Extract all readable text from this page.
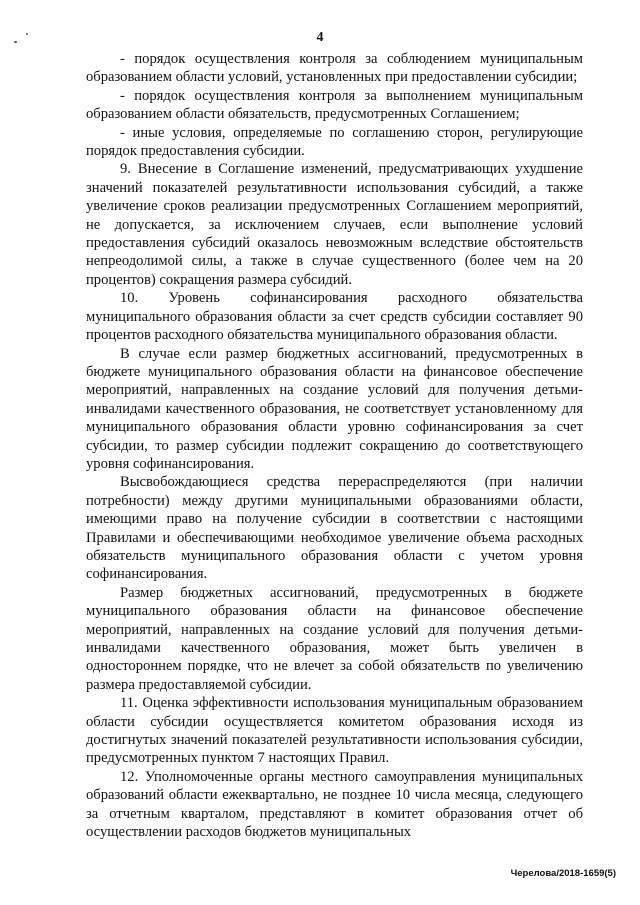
4

- порядок осуществления контроля за соблюдением муниципальным образованием области условий, установленных при предоставлении субсидии;

- порядок осуществления контроля за выполнением муниципальным образованием области обязательств, предусмотренных Соглашением;

- иные условия, определяемые по соглашению сторон, регулирующие порядок предоставления субсидии.

9. Внесение в Соглашение изменений, предусматривающих ухудшение значений показателей результативности использования субсидий, а также увеличение сроков реализации предусмотренных Соглашением мероприятий, не допускается, за исключением случаев, если выполнение условий предоставления субсидий оказалось невозможным вследствие обстоятельств непреодолимой силы, а также в случае существенного (более чем на 20 процентов) сокращения размера субсидий.

10. Уровень софинансирования расходного обязательства муниципального образования области за счет средств субсидии составляет 90 процентов расходного обязательства муниципального образования области.

В случае если размер бюджетных ассигнований, предусмотренных в бюджете муниципального образования области на финансовое обеспечение мероприятий, направленных на создание условий для получения детьми-инвалидами качественного образования, не соответствует установленному для муниципального образования области уровню софинансирования за счет субсидии, то размер субсидии подлежит сокращению до соответствующего уровня софинансирования.

Высвобождающиеся средства перераспределяются (при наличии потребности) между другими муниципальными образованиями области, имеющими право на получение субсидии в соответствии с настоящими Правилами и обеспечивающими необходимое увеличение объема расходных обязательств муниципального образования области с учетом уровня софинансирования.

Размер бюджетных ассигнований, предусмотренных в бюджете муниципального образования области на финансовое обеспечение мероприятий, направленных на создание условий для получения детьми-инвалидами качественного образования, может быть увеличен в одностороннем порядке, что не влечет за собой обязательств по увеличению размера предоставляемой субсидии.

11. Оценка эффективности использования муниципальным образованием области субсидии осуществляется комитетом образования исходя из достигнутых значений показателей результативности использования субсидии, предусмотренных пунктом 7 настоящих Правил.

12. Уполномоченные органы местного самоуправления муниципальных образований области ежеквартально, не позднее 10 числа месяца, следующего за отчетным кварталом, представляют в комитет образования отчет об осуществлении расходов бюджетов муниципальных

Черелова/2018-1659(5)
